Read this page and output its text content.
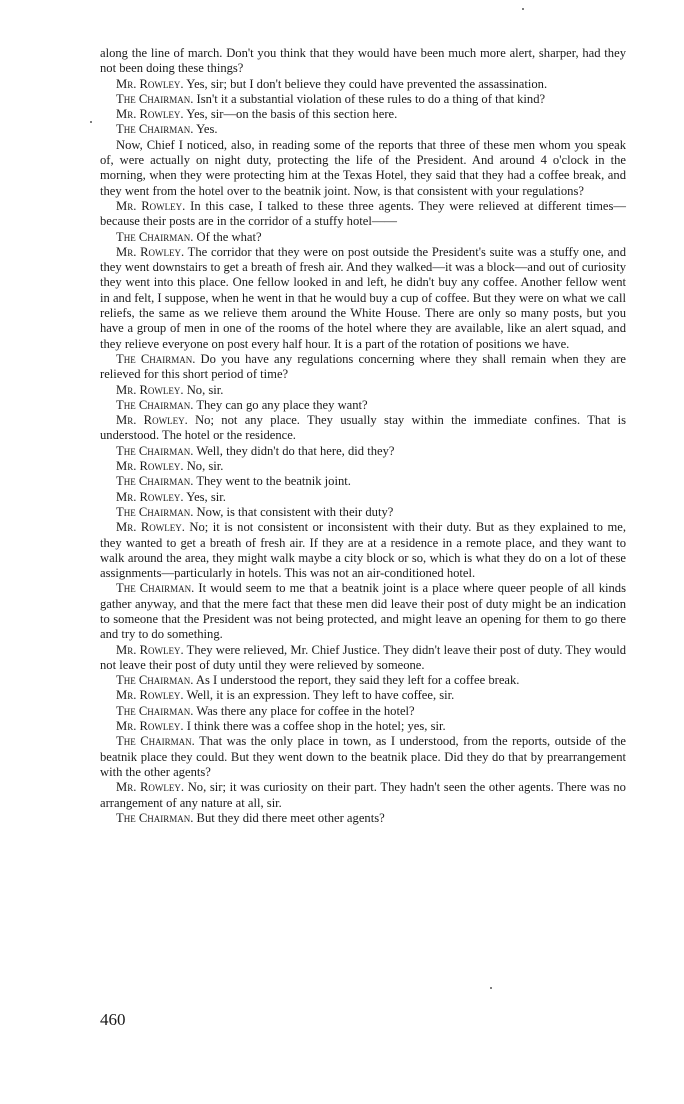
along the line of march. Don't you think that they would have been much more alert, sharper, had they not been doing these things?

Mr. Rowley. Yes, sir; but I don't believe they could have prevented the assassination.

The Chairman. Isn't it a substantial violation of these rules to do a thing of that kind?

Mr. Rowley. Yes, sir—on the basis of this section here.

The Chairman. Yes.

Now, Chief I noticed, also, in reading some of the reports that three of these men whom you speak of, were actually on night duty, protecting the life of the President. And around 4 o'clock in the morning, when they were protecting him at the Texas Hotel, they said that they had a coffee break, and they went from the hotel over to the beatnik joint. Now, is that consistent with your regulations?

Mr. Rowley. In this case, I talked to these three agents. They were relieved at different times—because their posts are in the corridor of a stuffy hotel——

The Chairman. Of the what?

Mr. Rowley. The corridor that they were on post outside the President's suite was a stuffy one, and they went downstairs to get a breath of fresh air. And they walked—it was a block—and out of curiosity they went into this place. One fellow looked in and left, he didn't buy any coffee. Another fellow went in and felt, I suppose, when he went in that he would buy a cup of coffee. But they were on what we call reliefs, the same as we relieve them around the White House. There are only so many posts, but you have a group of men in one of the rooms of the hotel where they are available, like an alert squad, and they relieve everyone on post every half hour. It is a part of the rotation of positions we have.

The Chairman. Do you have any regulations concerning where they shall remain when they are relieved for this short period of time?

Mr. Rowley. No, sir.

The Chairman. They can go any place they want?

Mr. Rowley. No; not any place. They usually stay within the immediate confines. That is understood. The hotel or the residence.

The Chairman. Well, they didn't do that here, did they?

Mr. Rowley. No, sir.

The Chairman. They went to the beatnik joint.

Mr. Rowley. Yes, sir.

The Chairman. Now, is that consistent with their duty?

Mr. Rowley. No; it is not consistent or inconsistent with their duty. But as they explained to me, they wanted to get a breath of fresh air. If they are at a residence in a remote place, and they want to walk around the area, they might walk maybe a city block or so, which is what they do on a lot of these assignments—particularly in hotels. This was not an air-conditioned hotel.

The Chairman. It would seem to me that a beatnik joint is a place where queer people of all kinds gather anyway, and that the mere fact that these men did leave their post of duty might be an indication to someone that the President was not being protected, and might leave an opening for them to go there and try to do something.

Mr. Rowley. They were relieved, Mr. Chief Justice. They didn't leave their post of duty. They would not leave their post of duty until they were relieved by someone.

The Chairman. As I understood the report, they said they left for a coffee break.

Mr. Rowley. Well, it is an expression. They left to have coffee, sir.

The Chairman. Was there any place for coffee in the hotel?

Mr. Rowley. I think there was a coffee shop in the hotel; yes, sir.

The Chairman. That was the only place in town, as I understood, from the reports, outside of the beatnik place they could. But they went down to the beatnik place. Did they do that by prearrangement with the other agents?

Mr. Rowley. No, sir; it was curiosity on their part. They hadn't seen the other agents. There was no arrangement of any nature at all, sir.

The Chairman. But they did there meet other agents?

460
